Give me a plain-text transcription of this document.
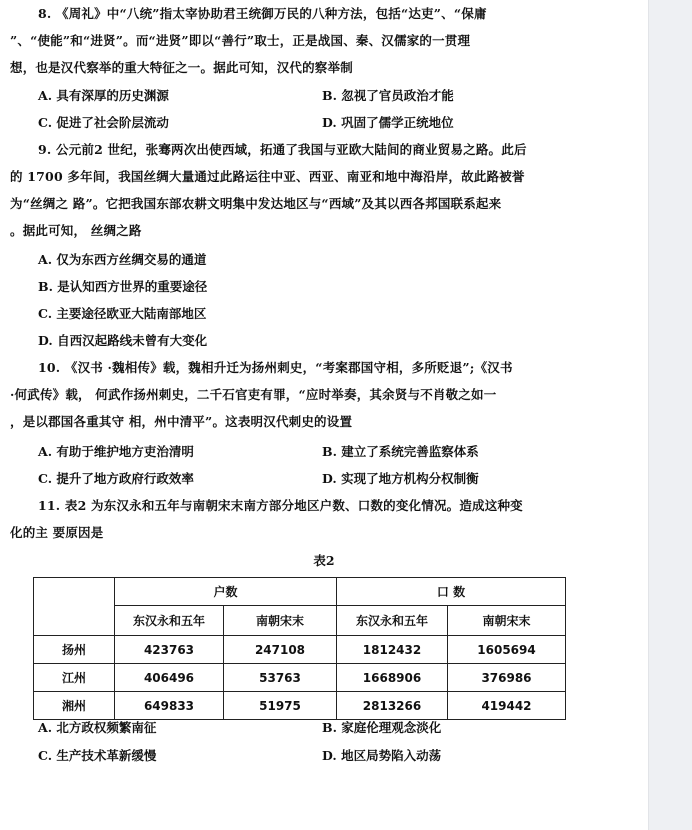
8. 《周礼》中“八统”指太宰协助君王统御万民的八种方法，包括“达吏”、“保庸
”、“使能”和“进贤”。而“进贤”即以“善行”取士，正是战国、秦、汉儒家的一贯理
想，也是汉代察举的重大特征之一。据此可知，汉代的察举制
A. 具有深厚的历史渊源	B. 忽视了官员政治才能
C. 促进了社会阶层流动	D. 巩固了儒学正统地位
9. 公元前2 世纪，张骞两次出使西域，拓通了我国与亚欧大陆间的商业贸易之路。此后
的 1700 多年间，我国丝绸大量通过此路运往中亚、西亚、南亚和地中海沿岸，故此路被誉
为“丝绸之 路”。它把我国东部农耕文明集中发达地区与“西域”及其以西各邦国联系起来
。据此可知， 丝绸之路
A. 仅为东西方丝绸交易的通道
B. 是认知西方世界的重要途径
C. 主要途径欧亚大陆南部地区
D. 自西汉起路线未曾有大变化
10. 《汉书 ·魏相传》载，魏相升迁为扬州刺史，“考案郡国守相，多所贬退”;《汉书
·何武传》载， 何武作扬州刺史，二千石官吏有罪，“应时举奏，其余贤与不肖敬之如一
，是以郡国各重其守 相，州中清平”。这表明汉代刺史的设置
A. 有助于维护地方吏治清明	B. 建立了系统完善监察体系
C. 提升了地方政府行政效率	D. 实现了地方机构分权制衡
11. 表2 为东汉永和五年与南朝宋末南方部分地区户数、口数的变化情况。造成这种变
化的主 要原因是
表2
	户数		口 数	
	东汉永和五年	南朝宋末	东汉永和五年	南朝宋末
扬州	423763	247108	1812432	1605694
江州	406496	53763	1668906	376986
湘州	649833	51975	2813266	419442
A. 北方政权频繁南征	B. 家庭伦理观念淡化
C. 生产技术革新缓慢	D. 地区局势陷入动荡
